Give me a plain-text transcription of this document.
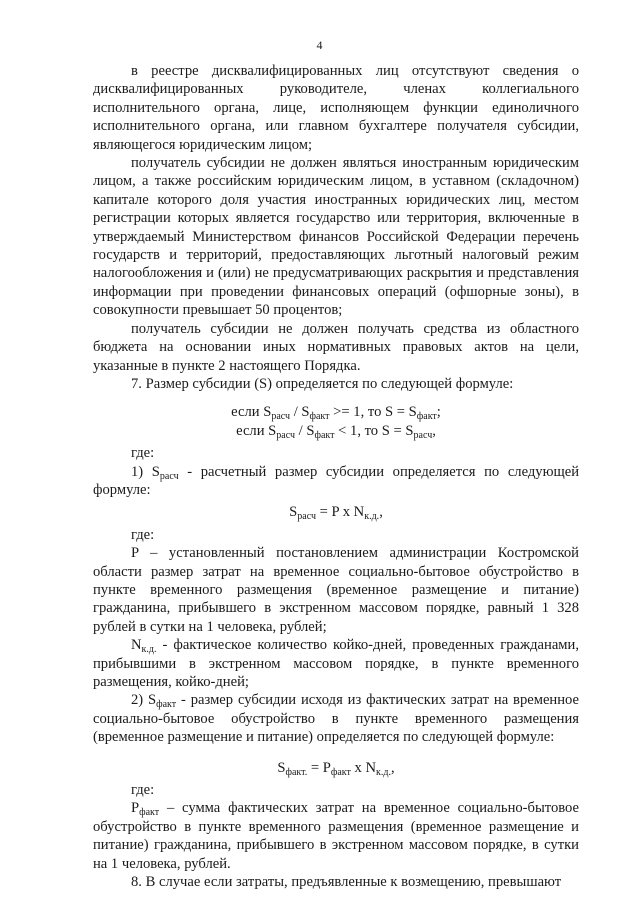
4

в реестре дисквалифицированных лиц отсутствуют сведения о дисквалифицированных руководителе, членах коллегиального исполнительного органа, лице, исполняющем функции единоличного исполнительного органа, или главном бухгалтере получателя субсидии, являющегося юридическим лицом;

получатель субсидии не должен являться иностранным юридическим лицом, а также российским юридическим лицом, в уставном (складочном) капитале которого доля участия иностранных юридических лиц, местом регистрации которых является государство или территория, включенные в утверждаемый Министерством финансов Российской Федерации перечень государств и территорий, предоставляющих льготный налоговый режим налогообложения и (или) не предусматривающих раскрытия и представления информации при проведении финансовых операций (офшорные зоны), в совокупности превышает 50 процентов;

получатель субсидии не должен получать средства из областного бюджета на основании иных нормативных правовых актов на цели, указанные в пункте 2 настоящего Порядка.

7. Размер субсидии (S) определяется по следующей формуле:

если $S_{расч} / S_{факт} >= 1$, то $S = S_{факт}$;

если $S_{расч} / S_{факт} < 1$, то $S = S_{расч}$,

где:

1) $S_{расч}$ - расчетный размер субсидии определяется по следующей формуле:

$S_{расч} = P$ x $N_{к.д.}$,

где:

P – установленный постановлением администрации Костромской области размер затрат на временное социально-бытовое обустройство в пункте временного размещения (временное размещение и питание) гражданина, прибывшего в экстренном массовом порядке, равный 1 328 рублей в сутки на 1 человека, рублей;

$N_{к.д.}$ - фактическое количество койко-дней, проведенных гражданами, прибывшими в экстренном массовом порядке, в пункте временного размещения, койко-дней;

2) $S_{факт}$ - размер субсидии исходя из фактических затрат на временное социально-бытовое обустройство в пункте временного размещения (временное размещение и питание) определяется по следующей формуле:

$S_{факт.} = P_{факт}$ x $N_{к.д.}$,

где:

$P_{факт}$ – сумма фактических затрат на временное социально-бытовое обустройство в пункте временного размещения (временное размещение и питание) гражданина, прибывшего в экстренном массовом порядке, в сутки на 1 человека, рублей.

8. В случае если затраты, предъявленные к возмещению, превышают
